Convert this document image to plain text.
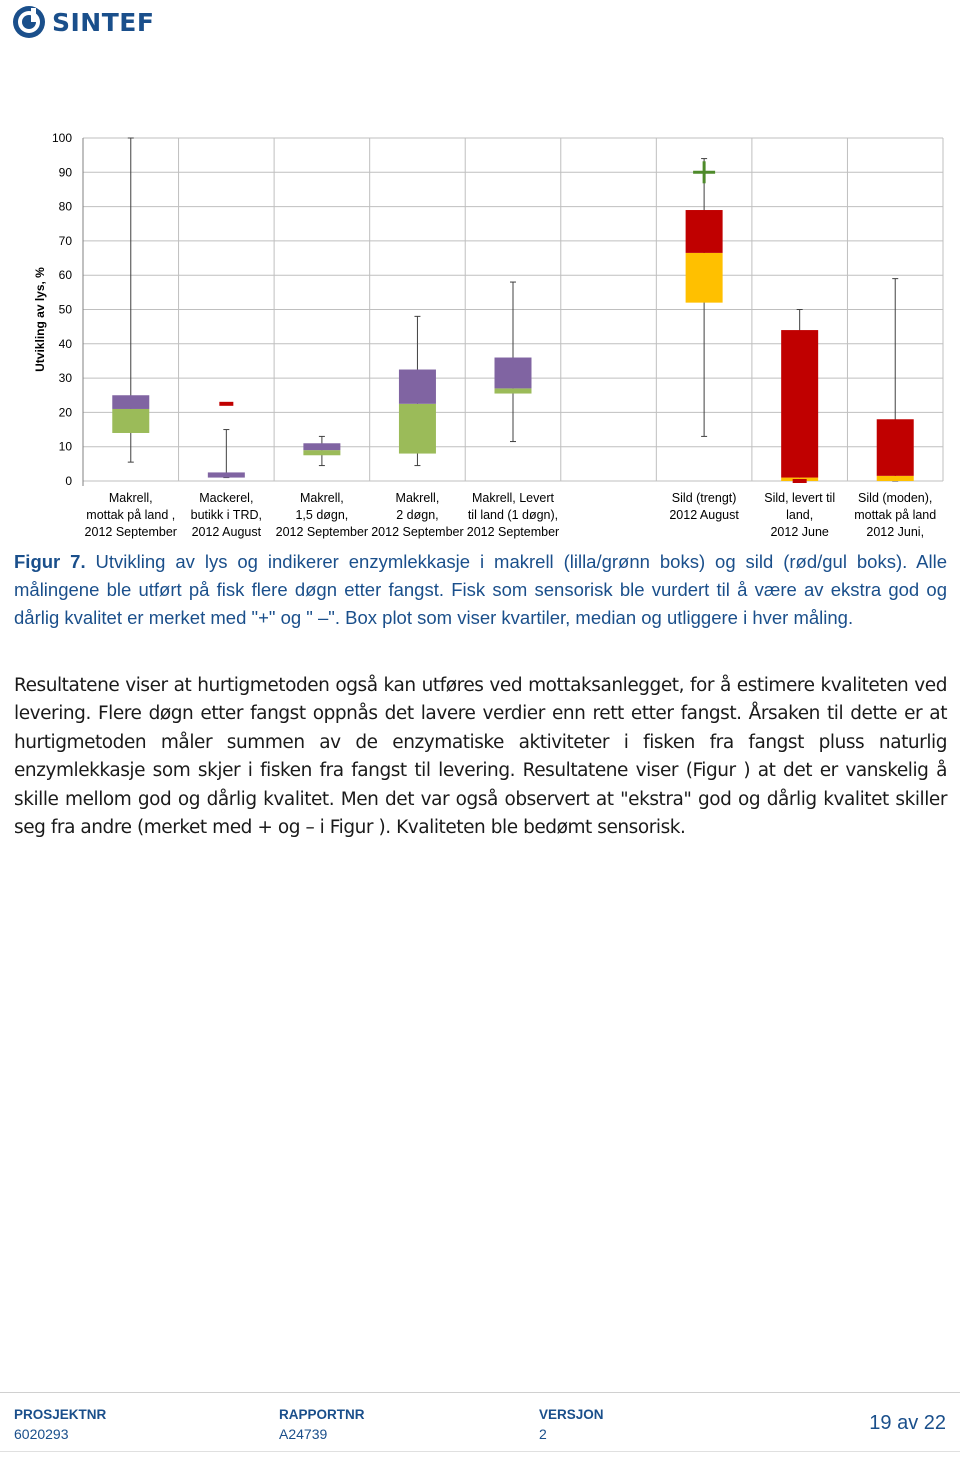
SINTEF
0
10
20
30
40
50
60
70
80
90
100
Utvikling av lys, %
Makrell,
mottak på land ,
2012 September
Mackerel,
butikk i TRD,
2012 August
Makrell,
1,5 døgn,
2012 September
Makrell,
2 døgn,
2012 September
Makrell, Levert
til land (1 døgn),
2012 September
Sild (trengt)
2012 August
Sild, levert til
land,
2012 June
Sild (moden),
mottak på land
2012 Juni,
Figur 7. Utvikling av lys og indikerer enzymlekkasje i makrell (lilla/grønn boks) og sild (rød/gul boks). Alle målingene ble utført på fisk flere døgn etter fangst. Fisk som sensorisk ble vurdert til å være av ekstra god og dårlig kvalitet er merket med "+" og " –". Box plot som viser kvartiler, median og utliggere i hver måling.
Resultatene viser at hurtigmetoden også kan utføres ved mottaksanlegget, for å estimere kvaliteten ved levering. Flere døgn etter fangst oppnås det lavere verdier enn rett etter fangst. Årsaken til dette er at hurtigmetoden måler summen av de enzymatiske aktiviteter i fisken fra fangst pluss naturlig enzymlekkasje som skjer i fisken fra fangst til levering. Resultatene viser (Figur ) at det er vanskelig å skille mellom god og dårlig kvalitet. Men det var også observert at "ekstra" god og dårlig kvalitet skiller seg fra andre (merket med + og – i Figur ). Kvaliteten ble bedømt sensorisk.
PROSJEKTNR
6020293
RAPPORTNR
A24739
VERSJON
2	19 av 22
